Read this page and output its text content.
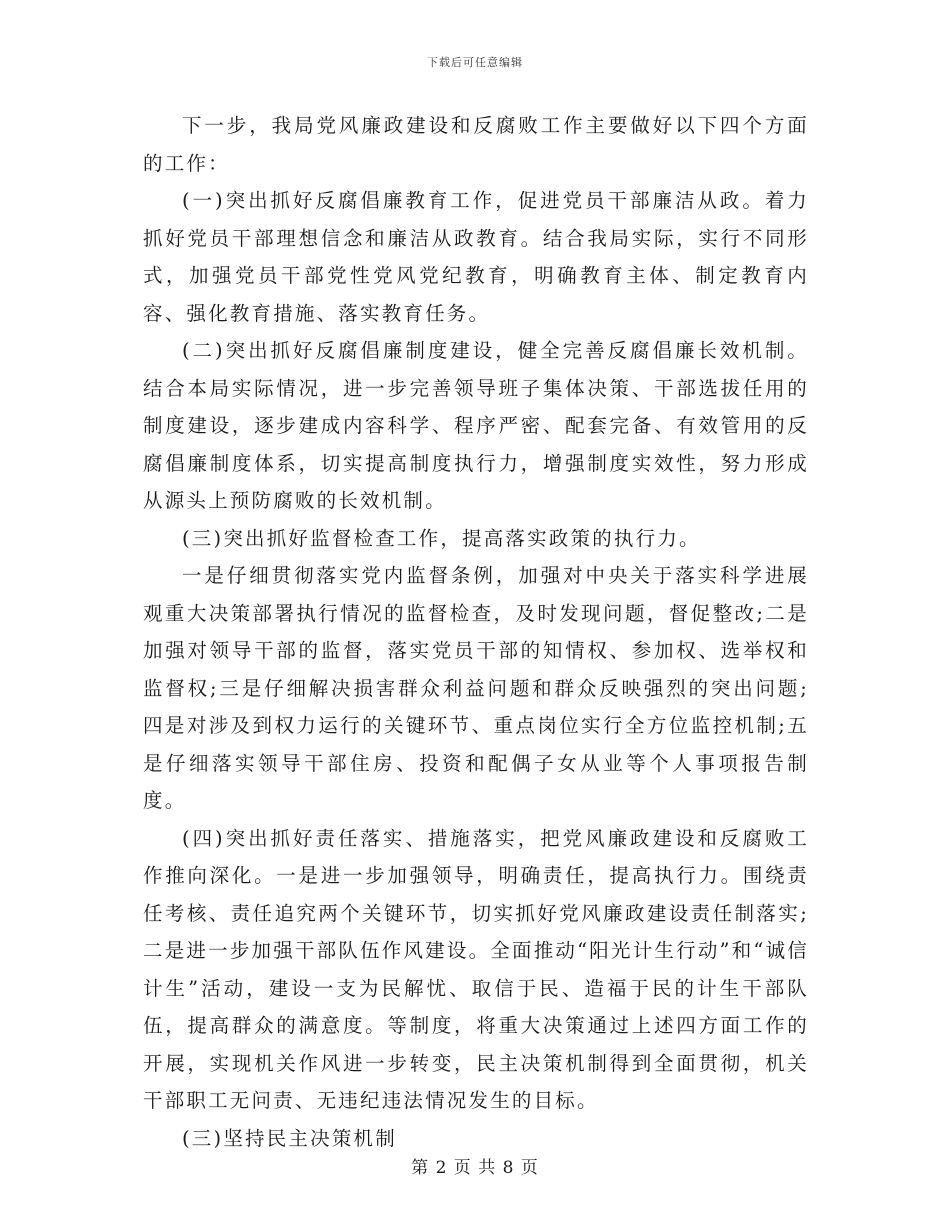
下载后可任意编辑

下一步，我局党风廉政建设和反腐败工作主要做好以下四个方面的工作：

(一)突出抓好反腐倡廉教育工作，促进党员干部廉洁从政。着力抓好党员干部理想信念和廉洁从政教育。结合我局实际，实行不同形式，加强党员干部党性党风党纪教育，明确教育主体、制定教育内容、强化教育措施、落实教育任务。

(二)突出抓好反腐倡廉制度建设，健全完善反腐倡廉长效机制。结合本局实际情况，进一步完善领导班子集体决策、干部选拔任用的制度建设，逐步建成内容科学、程序严密、配套完备、有效管用的反腐倡廉制度体系，切实提高制度执行力，增强制度实效性，努力形成从源头上预防腐败的长效机制。

(三)突出抓好监督检查工作，提高落实政策的执行力。

一是仔细贯彻落实党内监督条例，加强对中央关于落实科学进展观重大决策部署执行情况的监督检查，及时发现问题，督促整改;二是加强对领导干部的监督，落实党员干部的知情权、参加权、选举权和监督权;三是仔细解决损害群众利益问题和群众反映强烈的突出问题;四是对涉及到权力运行的关键环节、重点岗位实行全方位监控机制;五是仔细落实领导干部住房、投资和配偶子女从业等个人事项报告制度。

(四)突出抓好责任落实、措施落实，把党风廉政建设和反腐败工作推向深化。一是进一步加强领导，明确责任，提高执行力。围绕责任考核、责任追究两个关键环节，切实抓好党风廉政建设责任制落实;二是进一步加强干部队伍作风建设。全面推动“阳光计生行动”和“诚信计生”活动，建设一支为民解忧、取信于民、造福于民的计生干部队伍，提高群众的满意度。等制度，将重大决策通过上述四方面工作的开展，实现机关作风进一步转变，民主决策机制得到全面贯彻，机关干部职工无问责、无违纪违法情况发生的目标。

(三)坚持民主决策机制

第 2 页 共 8 页
